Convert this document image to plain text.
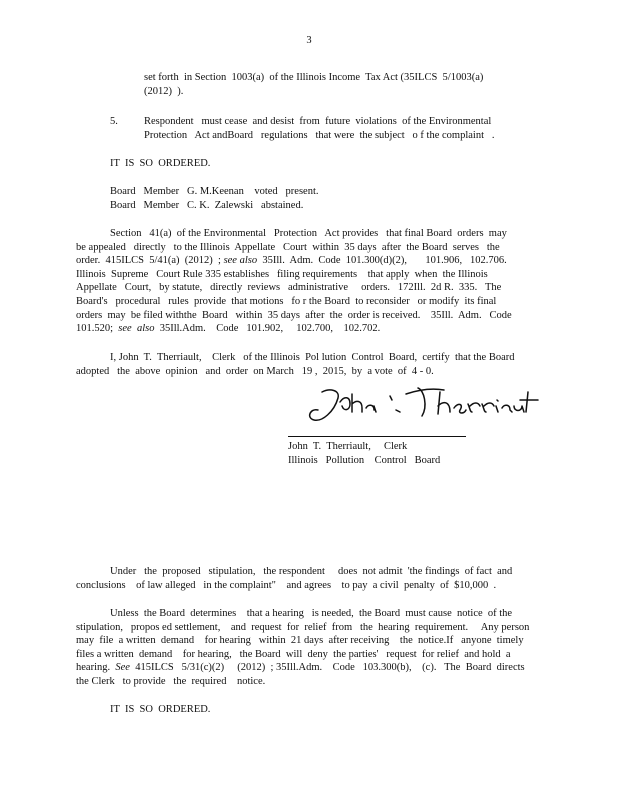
3
set forth  in Section  1003(a)  of the Illinois Income  Tax Act (35ILCS  5/1003(a)
(2012)  ).
5. Respondent   must cease  and desist  from  future  violations  of the Environmental
Protection   Act andBoard   regulations   that were  the subject   o f the complaint   .
IT  IS  SO  ORDERED.
Board   Member   G. M.Keenan    voted   present.
Board   Member   C. K.  Zalewski   abstained.
Section   41(a)  of the Environmental   Protection   Act provides   that final Board  orders  may
be appealed   directly   to the Illinois  Appellate   Court  within  35 days  after  the Board  serves   the
order.  415ILCS  5/41(a)  (2012)  ; see also  35Ill.  Adm.  Code  101.300(d)(2),       101.906,   102.706.
Illinois  Supreme   Court Rule 335 establishes   filing requirements    that apply  when  the Illinois
Appellate   Court,   by statute,   directly  reviews   administrative     orders.   172Ill.  2d R.  335.   The
Board's   procedural   rules  provide  that motions   fo r the Board  to reconsider   or modify  its final
orders  may  be filed withthe  Board   within  35 days  after  the  order is received.    35Ill.  Adm.   Code
101.520;  see  also  35Ill.Adm.    Code   101.902,     102.700,    102.702.
I, John  T.  Therriault,    Clerk   of the Illinois  Pol lution  Control  Board,  certify  that the Board
adopted   the  above  opinion   and  order  on March   19 ,  2015,  by  a vote  of  4 - 0.
John  T.  Therriault,     Clerk
Illinois   Pollution    Control   Board
Under   the  proposed   stipulation,   the respondent     does  not admit  'the findings  of fact  and
conclusions    of law alleged   in the complaint"    and agrees    to pay  a civil  penalty  of  $10,000  .
Unless  the Board  determines    that a hearing   is needed,  the Board  must cause  notice  of the
stipulation,   propos ed settlement,    and  request  for  relief  from   the  hearing  requirement.     Any person
may  file  a written  demand    for hearing   within  21 days  after receiving    the  notice.If   anyone  timely
files a written  demand    for hearing,   the Board  will  deny  the parties'   request  for relief  and hold  a
hearing.  See  415ILCS   5/31(c)(2)     (2012)  ; 35Ill.Adm.    Code   103.300(b),    (c).   The  Board  directs
the Clerk   to provide   the  required    notice.
IT  IS  SO  ORDERED.
